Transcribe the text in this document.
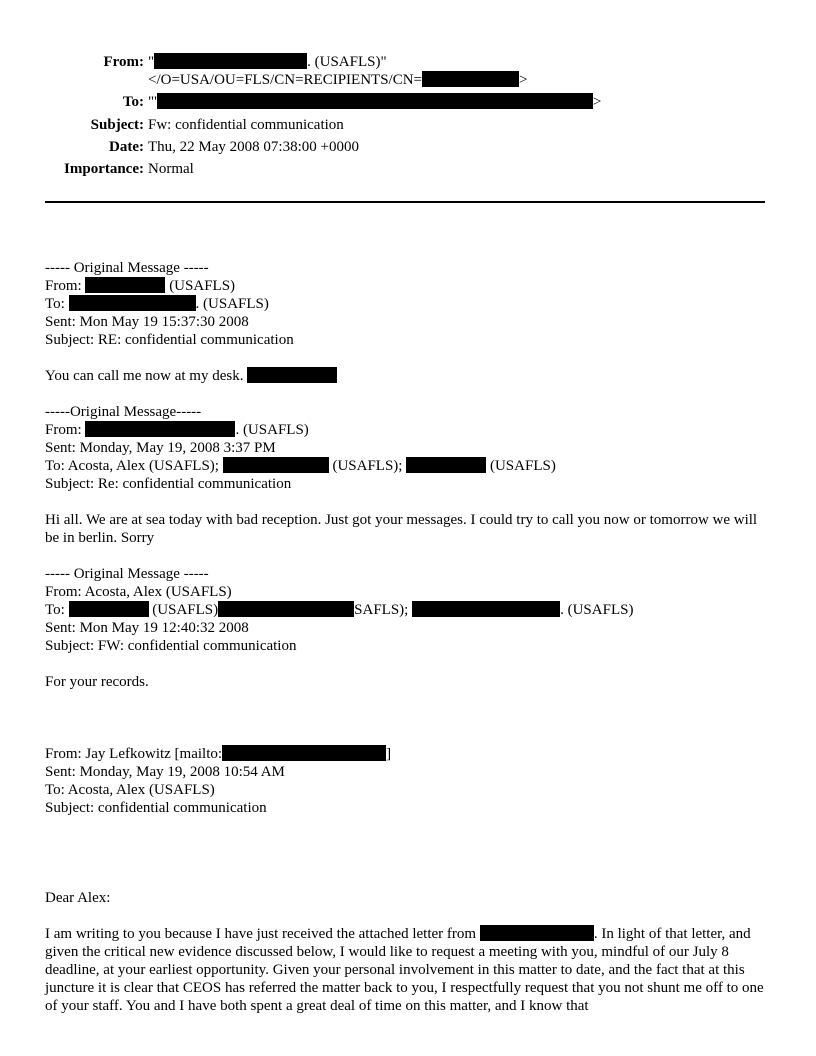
From: "	. (USAFLS)"
</O=USA/OU=FLS/CN=RECIPIENTS/CN=	>
To: "'	>
Subject: Fw: confidential communication
Date: Thu, 22 May 2008 07:38:00 +0000
Importance: Normal
----- Original Message -----
From:	(USAFLS)
To:	. (USAFLS)
Sent: Mon May 19 15:37:30 2008
Subject: RE: confidential communication
You can call me now at my desk.
-----Original Message-----
From:	. (USAFLS)
Sent: Monday, May 19, 2008 3:37 PM
To: Acosta, Alex (USAFLS);	(USAFLS);	(USAFLS)
Subject: Re: confidential communication
Hi all. We are at sea today with bad reception. Just got your messages. I could try to call you now or tomorrow we will be in berlin. Sorry
----- Original Message -----
From: Acosta, Alex (USAFLS)
To:	(USAFLS)	SAFLS);	. (USAFLS)
Sent: Mon May 19 12:40:32 2008
Subject: FW: confidential communication
For your records.
From: Jay Lefkowitz [mailto:	]
Sent: Monday, May 19, 2008 10:54 AM
To: Acosta, Alex (USAFLS)
Subject: confidential communication
Dear Alex:
I am writing to you because I have just received the attached letter from	. In light of that letter, and given the critical new evidence discussed below, I would like to request a meeting with you, mindful of our July 8 deadline, at your earliest opportunity. Given your personal involvement in this matter to date, and the fact that at this juncture it is clear that CEOS has referred the matter back to you, I respectfully request that you not shunt me off to one of your staff. You and I have both spent a great deal of time on this matter, and I know that
